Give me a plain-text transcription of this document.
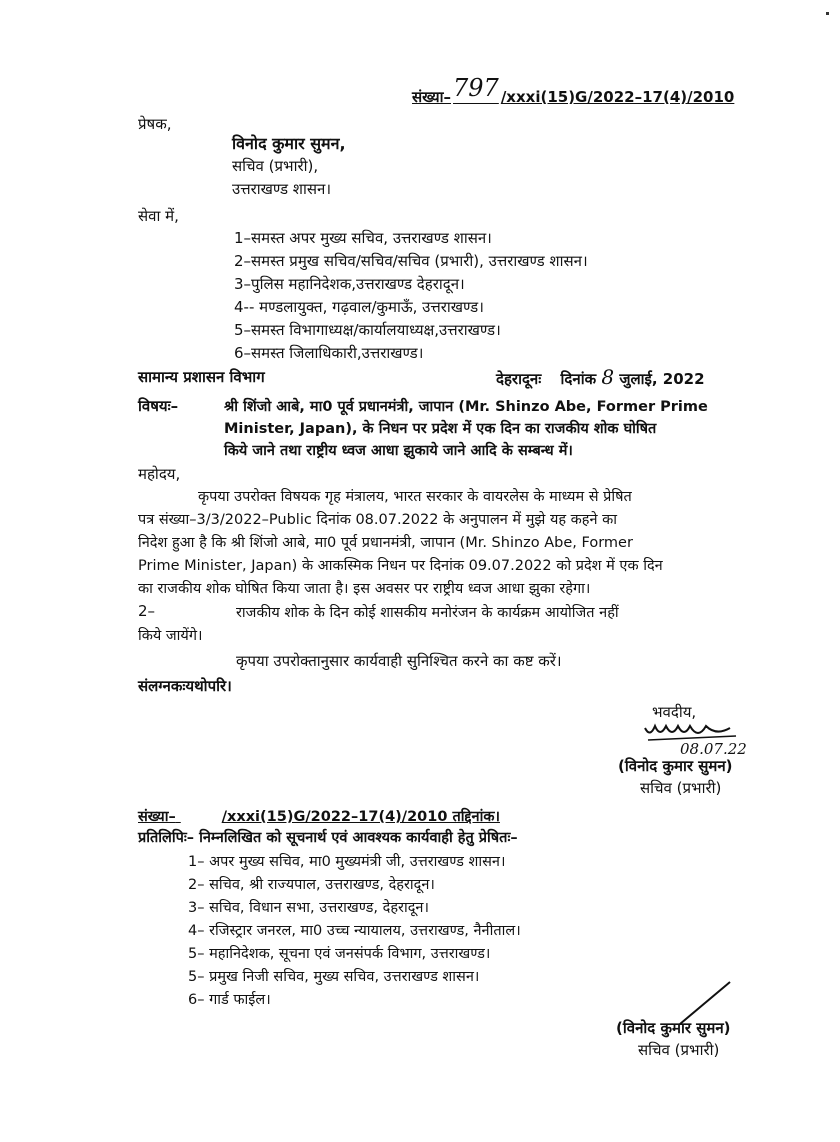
संख्या–797 /xxxi(15)G/2022–17(4)/2010
प्रेषक,
विनोद कुमार सुमन,
सचिव (प्रभारी),
उत्तराखण्ड शासन।
सेवा में,
1–समस्त अपर मुख्य सचिव, उत्तराखण्ड शासन।
2–समस्त प्रमुख सचिव/सचिव/सचिव (प्रभारी), उत्तराखण्ड शासन।
3–पुलिस महानिदेशक,उत्तराखण्ड देहरादून।
4-- मण्डलायुक्त, गढ़वाल/कुमाऊँ, उत्तराखण्ड।
5–समस्त विभागाध्यक्ष/कार्यालयाध्यक्ष,उत्तराखण्ड।
6–समस्त जिलाधिकारी,उत्तराखण्ड।
सामान्य प्रशासन विभाग	देहरादूनः दिनांक 8 जुलाई, 2022
विषयः–	श्री शिंजो आबे, मा0 पूर्व प्रधानमंत्री, जापान (Mr. Shinzo Abe, Former Prime
Minister, Japan), के निधन पर प्रदेश में एक दिन का राजकीय शोक घोषित
किये जाने तथा राष्ट्रीय ध्वज आधा झुकाये जाने आदि के सम्बन्ध में।
महोदय,
कृपया उपरोक्त विषयक गृह मंत्रालय, भारत सरकार के वायरलेस के माध्यम से प्रेषित
पत्र संख्या–3/3/2022–Public दिनांक 08.07.2022 के अनुपालन में मुझे यह कहने का
निदेश हुआ है कि श्री शिंजो आबे, मा0 पूर्व प्रधानमंत्री, जापान (Mr. Shinzo Abe, Former
Prime Minister, Japan) के आकस्मिक निधन पर दिनांक 09.07.2022 को प्रदेश में एक दिन
का राजकीय शोक घोषित किया जाता है। इस अवसर पर राष्ट्रीय ध्वज आधा झुका रहेगा।
2–	राजकीय शोक के दिन कोई शासकीय मनोरंजन के कार्यक्रम आयोजित नहीं
किये जायेंगे।
कृपया उपरोक्तानुसार कार्यवाही सुनिश्चित करने का कष्ट करें।
संलग्नकःयथोपरि।
भवदीय,
08.07.22
(विनोद कुमार सुमन)
सचिव (प्रभारी)
संख्या–	/xxxi(15)G/2022–17(4)/2010 तद्दिनांक।
प्रतिलिपिः– निम्नलिखित को सूचनार्थ एवं आवश्यक कार्यवाही हेतु प्रेषितः–
1– अपर मुख्य सचिव, मा0 मुख्यमंत्री जी, उत्तराखण्ड शासन।
2– सचिव, श्री राज्यपाल, उत्तराखण्ड, देहरादून।
3– सचिव, विधान सभा, उत्तराखण्ड, देहरादून।
4– रजिस्ट्रार जनरल, मा0 उच्च न्यायालय, उत्तराखण्ड, नैनीताल।
5– महानिदेशक, सूचना एवं जनसंपर्क विभाग, उत्तराखण्ड।
5– प्रमुख निजी सचिव, मुख्य सचिव, उत्तराखण्ड शासन।
6– गार्ड फाईल।
(विनोद कुमार सुमन)
सचिव (प्रभारी)
